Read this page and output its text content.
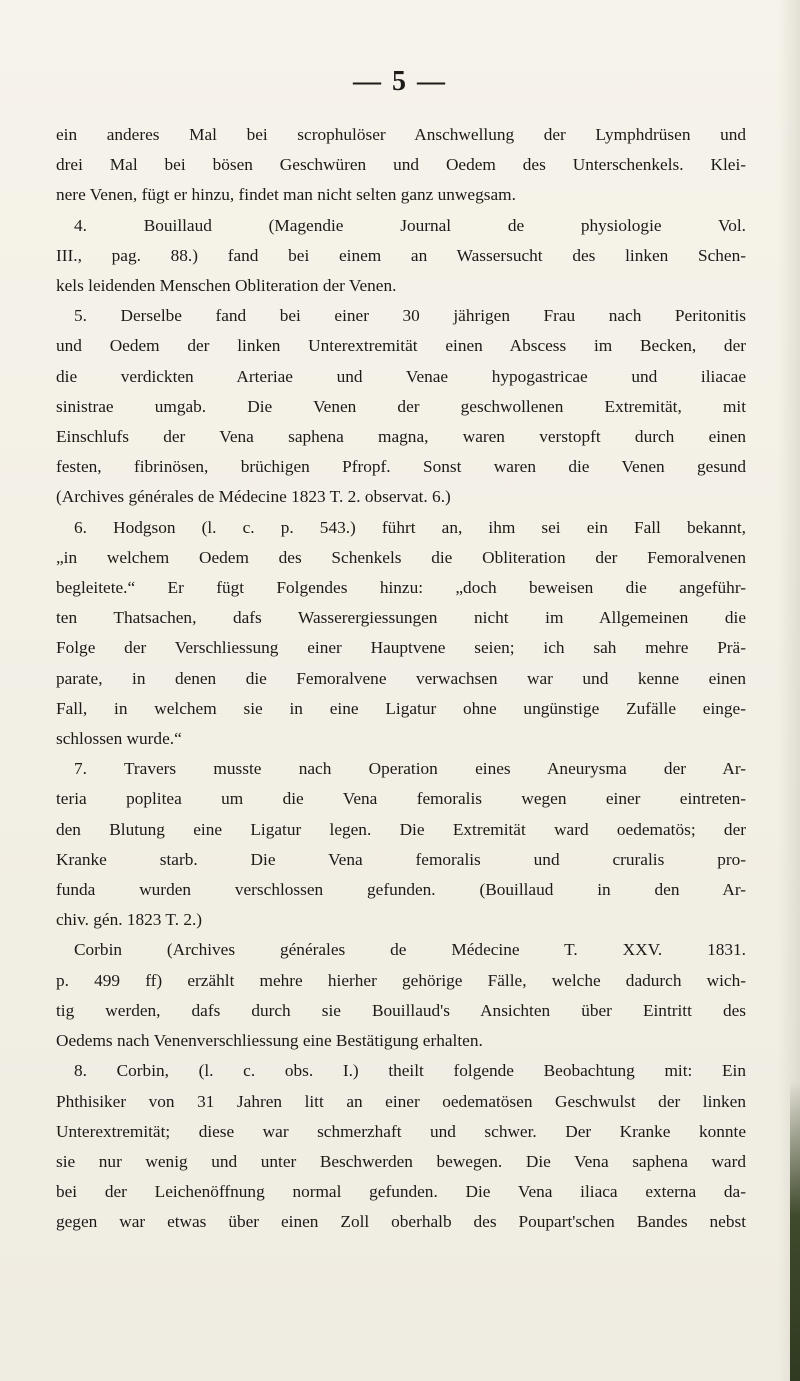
— 5 —
ein anderes Mal bei scrophulöser Anschwellung der Lymphdrüsen und
drei Mal bei bösen Geschwüren und Oedem des Unterschenkels. Klei-
nere Venen, fügt er hinzu, findet man nicht selten ganz unwegsam.
4. Bouillaud (Magendie Journal de physiologie Vol.
III., pag. 88.) fand bei einem an Wassersucht des linken Schen-
kels leidenden Menschen Obliteration der Venen.
5. Derselbe fand bei einer 30 jährigen Frau nach Peritonitis
und Oedem der linken Unterextremität einen Abscess im Becken, der
die verdickten Arteriae und Venae hypogastricae und iliacae
sinistrae umgab. Die Venen der geschwollenen Extremität, mit
Einschlufs der Vena saphena magna, waren verstopft durch einen
festen, fibrinösen, brüchigen Pfropf. Sonst waren die Venen gesund
(Archives générales de Médecine 1823 T. 2. observat. 6.)
6. Hodgson (l. c. p. 543.) führt an, ihm sei ein Fall bekannt,
„in welchem Oedem des Schenkels die Obliteration der Femoralvenen
begleitete.“ Er fügt Folgendes hinzu: „doch beweisen die angeführ-
ten Thatsachen, dafs Wasserergiessungen nicht im Allgemeinen die
Folge der Verschliessung einer Hauptvene seien; ich sah mehre Prä-
parate, in denen die Femoralvene verwachsen war und kenne einen
Fall, in welchem sie in eine Ligatur ohne ungünstige Zufälle einge-
schlossen wurde.“
7. Travers musste nach Operation eines Aneurysma der Ar-
teria poplitea um die Vena femoralis wegen einer eintreten-
den Blutung eine Ligatur legen. Die Extremität ward oedematös; der
Kranke starb. Die Vena femoralis und cruralis pro-
funda wurden verschlossen gefunden. (Bouillaud in den Ar-
chiv. gén. 1823 T. 2.)
Corbin (Archives générales de Médecine T. XXV. 1831.
p. 499 ff) erzählt mehre hierher gehörige Fälle, welche dadurch wich-
tig werden, dafs durch sie Bouillaud's Ansichten über Eintritt des
Oedems nach Venenverschliessung eine Bestätigung erhalten.
8. Corbin, (l. c. obs. I.) theilt folgende Beobachtung mit: Ein
Phthisiker von 31 Jahren litt an einer oedematösen Geschwulst der linken
Unterextremität; diese war schmerzhaft und schwer. Der Kranke konnte
sie nur wenig und unter Beschwerden bewegen. Die Vena saphena ward
bei der Leichenöffnung normal gefunden. Die Vena iliaca externa da-
gegen war etwas über einen Zoll oberhalb des Poupart'schen Bandes nebst
